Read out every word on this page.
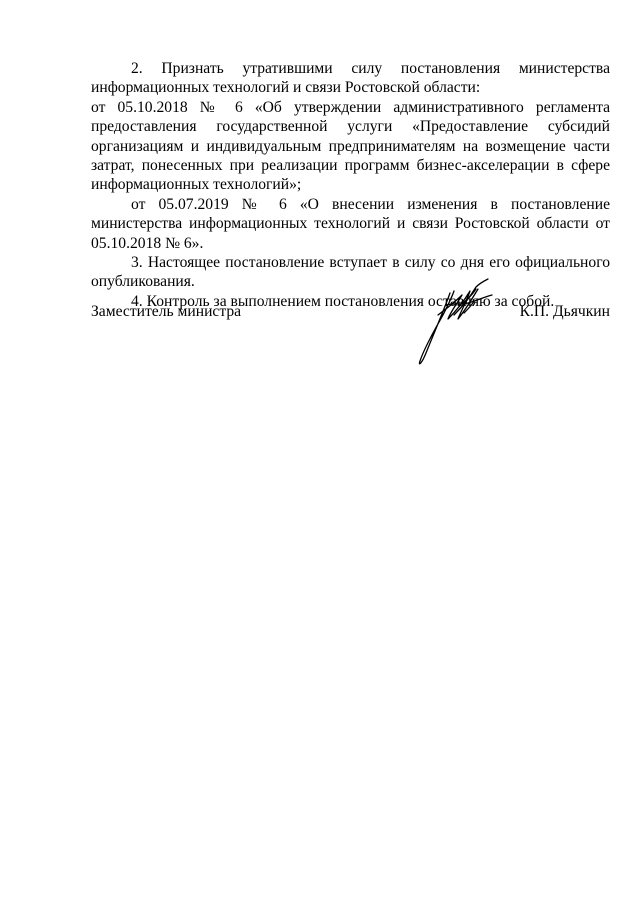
2. Признать утратившими силу постановления министерства информационных технологий и связи Ростовской области:

от 05.10.2018 № 6 «Об утверждении административного регламента предоставления государственной услуги «Предоставление субсидий организациям и индивидуальным предпринимателям на возмещение части затрат, понесенных при реализации программ бизнес-акселерации в сфере информационных технологий»;

от 05.07.2019 № 6 «О внесении изменения в постановление министерства информационных технологий и связи Ростовской области от 05.10.2018 № 6».

3. Настоящее постановление вступает в силу со дня его официального опубликования.

4. Контроль за выполнением постановления оставляю за собой.

Заместитель министра	К.П. Дьячкин
